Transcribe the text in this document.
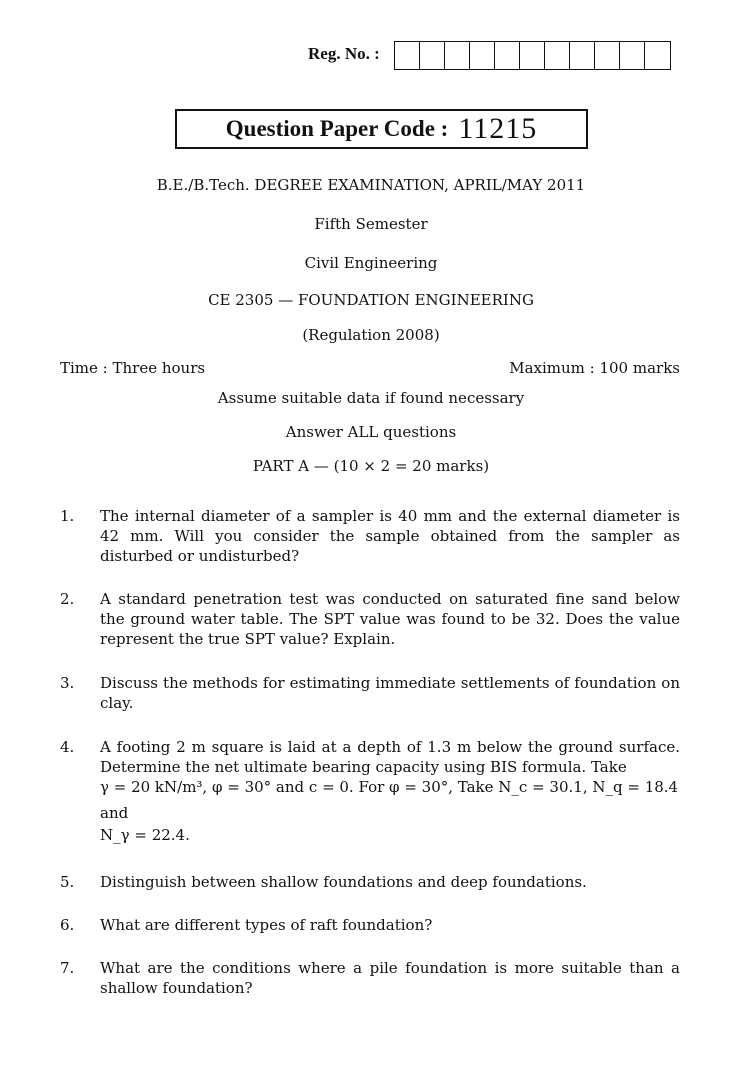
Reg. No. :
Question Paper Code : 11215
B.E./B.Tech. DEGREE EXAMINATION, APRIL/MAY 2011
Fifth Semester
Civil Engineering
CE 2305 — FOUNDATION ENGINEERING
(Regulation 2008)
Time : Three hours	Maximum : 100 marks
Assume suitable data if found necessary
Answer ALL questions
PART A — (10 × 2 = 20 marks)
1. The internal diameter of a sampler is 40 mm and the external diameter is 42 mm. Will you consider the sample obtained from the sampler as disturbed or undisturbed?
2. A standard penetration test was conducted on saturated fine sand below the ground water table. The SPT value was found to be 32. Does the value represent the true SPT value? Explain.
3. Discuss the methods for estimating immediate settlements of foundation on clay.
4. A footing 2 m square is laid at a depth of 1.3 m below the ground surface. Determine the net ultimate bearing capacity using BIS formula. Take
γ = 20 kN/m³, φ = 30° and c = 0. For φ = 30°, Take N_c = 30.1, N_q = 18.4
and
N_γ = 22.4.
5. Distinguish between shallow foundations and deep foundations.
6. What are different types of raft foundation?
7. What are the conditions where a pile foundation is more suitable than a shallow foundation?
